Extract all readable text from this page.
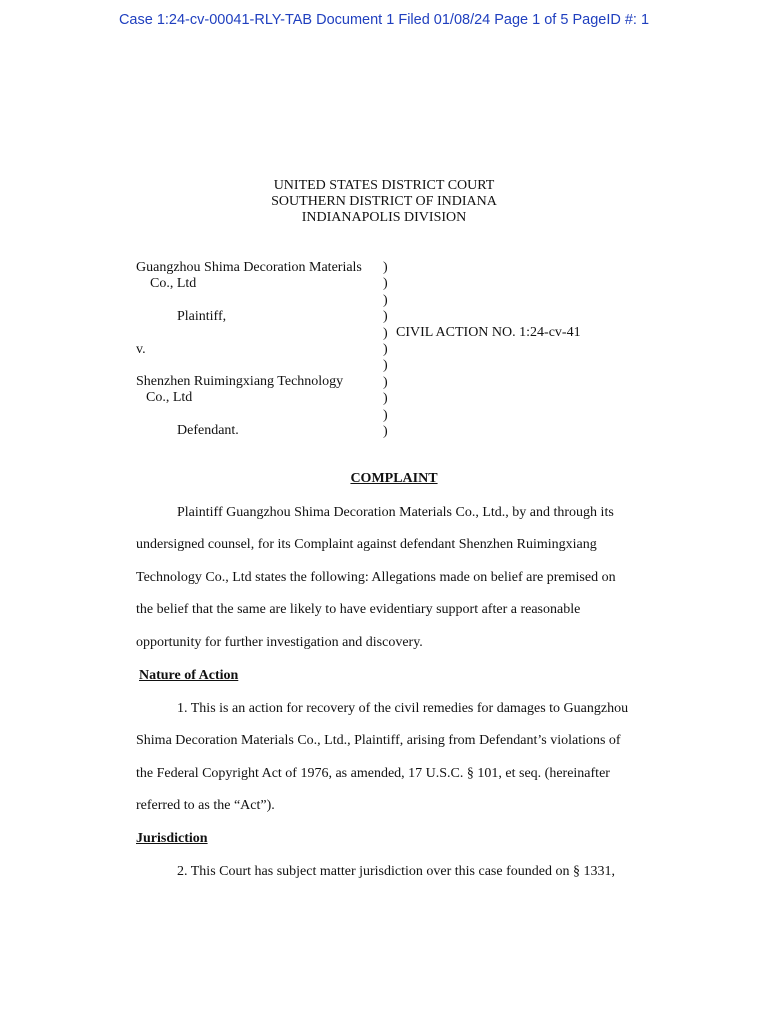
Case 1:24-cv-00041-RLY-TAB Document 1 Filed 01/08/24 Page 1 of 5 PageID #: 1
UNITED STATES DISTRICT COURT
SOUTHERN DISTRICT OF INDIANA
INDIANAPOLIS DIVISION
Guangzhou Shima Decoration Materials
Co., Ltd
Plaintiff,
v.
Shenzhen Ruimingxiang Technology
Co., Ltd
Defendant.
CIVIL ACTION NO. 1:24-cv-41
)
)
)
)
)
)
)
)
)
)
)
COMPLAINT
Plaintiff Guangzhou Shima Decoration Materials Co., Ltd., by and through its
undersigned counsel, for its Complaint against defendant Shenzhen Ruimingxiang
Technology Co., Ltd states the following: Allegations made on belief are premised on
the belief that the same are likely to have evidentiary support after a reasonable
opportunity for further investigation and discovery.
Nature of Action
1. This is an action for recovery of the civil remedies for damages to Guangzhou
Shima Decoration Materials Co., Ltd., Plaintiff, arising from Defendant’s violations of
the Federal Copyright Act of 1976, as amended, 17 U.S.C. § 101, et seq. (hereinafter
referred to as the “Act”).
Jurisdiction
2. This Court has subject matter jurisdiction over this case founded on § 1331,
